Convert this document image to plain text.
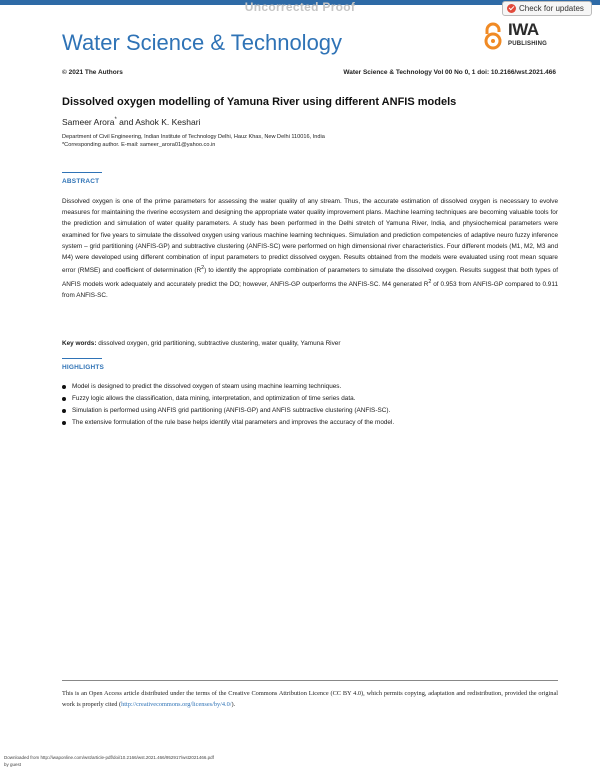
Uncorrected Proof	Check for updates
Water Science & Technology
IWA
PUBLISHING
© 2021 The Authors	Water Science & Technology Vol 00 No 0, 1 doi: 10.2166/wst.2021.466
Dissolved oxygen modelling of Yamuna River using different ANFIS models
Sameer Arora* and Ashok K. Keshari
Department of Civil Engineering, Indian Institute of Technology Delhi, Hauz Khas, New Delhi 110016, India
*Corresponding author. E-mail: sameer_arora01@yahoo.co.in
ABSTRACT
Dissolved oxygen is one of the prime parameters for assessing the water quality of any stream. Thus, the accurate estimation of dissolved oxygen is necessary to evolve measures for maintaining the riverine ecosystem and designing the appropriate water quality improvement plans. Machine learning techniques are becoming valuable tools for the prediction and simulation of water quality parameters. A study has been performed in the Delhi stretch of Yamuna River, India, and physiochemical parameters were examined for five years to simulate the dissolved oxygen using various machine learning techniques. Simulation and prediction competencies of adaptive neuro fuzzy inference system – grid partitioning (ANFIS-GP) and subtractive clustering (ANFIS-SC) were performed on high dimensional river characteristics. Four different models (M1, M2, M3 and M4) were developed using different combination of input parameters to predict dissolved oxygen. Results obtained from the models were evaluated using root mean square error (RMSE) and coefficient of determination $(R^2)$ to identify the appropriate combination of parameters to simulate the dissolved oxygen. Results suggest that both types of ANFIS models work adequately and accurately predict the DO; however, ANFIS-GP outperforms the ANFIS-SC. M4 generated $R^2$ of 0.953 from ANFIS-GP compared to 0.911 from ANFIS-SC.
Key words: dissolved oxygen, grid partitioning, subtractive clustering, water quality, Yamuna River
HIGHLIGHTS
Model is designed to predict the dissolved oxygen of steam using machine learning techniques.
Fuzzy logic allows the classification, data mining, interpretation, and optimization of time series data.
Simulation is performed using ANFIS grid partitioning (ANFIS-GP) and ANFIS subtractive clustering (ANFIS-SC).
The extensive formulation of the rule base helps identify vital parameters and improves the accuracy of the model.
This is an Open Access article distributed under the terms of the Creative Commons Attribution Licence (CC BY 4.0), which permits copying, adaptation and redistribution, provided the original work is properly cited (http://creativecommons.org/licenses/by/4.0/).
Downloaded from http://iwaponline.com/wst/article-pdf/doi/10.2166/wst.2021.466/952917/wst2021466.pdf
by guest
